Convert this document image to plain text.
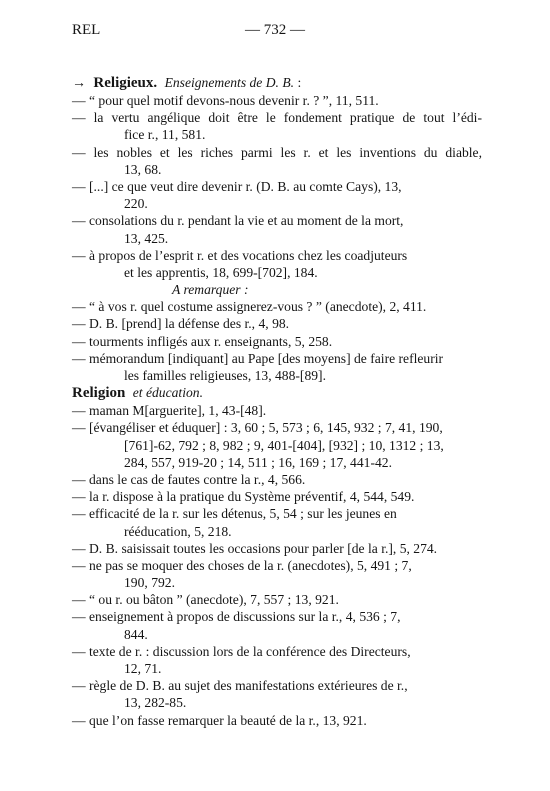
REL	— 732 —
→ Religieux. Enseignements de D. B. :
— “ pour quel motif devons-nous devenir r. ? ”, 11, 511.
— la vertu angélique doit être le fondement pratique de tout l’édi-
fice r., 11, 581.
— les nobles et les riches parmi les r. et les inventions du diable,
13, 68.
— [...] ce que veut dire devenir r. (D. B. au comte Cays), 13,
220.
— consolations du r. pendant la vie et au moment de la mort,
13, 425.
— à propos de l’esprit r. et des vocations chez les coadjuteurs
et les apprentis, 18, 699-[702], 184.
A remarquer :
— “ à vos r. quel costume assignerez-vous ? ” (anecdote), 2, 411.
— D. B. [prend] la défense des r., 4, 98.
— tourments infligés aux r. enseignants, 5, 258.
— mémorandum [indiquant] au Pape [des moyens] de faire refleurir
les familles religieuses, 13, 488-[89].
Religion et éducation.
— maman M[arguerite], 1, 43-[48].
— [évangéliser et éduquer] : 3, 60 ; 5, 573 ; 6, 145, 932 ; 7, 41, 190,
[761]-62, 792 ; 8, 982 ; 9, 401-[404], [932] ; 10, 1312 ; 13,
284, 557, 919-20 ; 14, 511 ; 16, 169 ; 17, 441-42.
— dans le cas de fautes contre la r., 4, 566.
— la r. dispose à la pratique du Système préventif, 4, 544, 549.
— efficacité de la r. sur les détenus, 5, 54 ; sur les jeunes en
rééducation, 5, 218.
— D. B. saisissait toutes les occasions pour parler [de la r.], 5, 274.
— ne pas se moquer des choses de la r. (anecdotes), 5, 491 ; 7,
190, 792.
— “ ou r. ou bâton ” (anecdote), 7, 557 ; 13, 921.
— enseignement à propos de discussions sur la r., 4, 536 ; 7,
844.
— texte de r. : discussion lors de la conférence des Directeurs,
12, 71.
— règle de D. B. au sujet des manifestations extérieures de r.,
13, 282-85.
— que l’on fasse remarquer la beauté de la r., 13, 921.
